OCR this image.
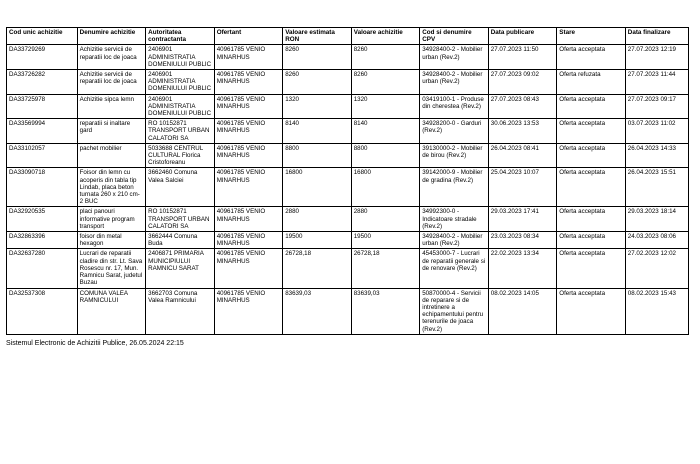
Cod unic achizitie	Denumire achizitie	Autoritatea contractanta	Ofertant	Valoare estimata RON	Valoare achizitie	Cod si denumire CPV	Data publicare	Stare	Data finalizare
DA33729269	Achizitie servicii de reparatii loc de joaca	2406901 ADMINISTRATIA DOMENIULUI PUBLIC	40961785 VENIO MINARHUS	8260	8260	34928400-2 - Mobilier urban (Rev.2)	27.07.2023 11:50	Oferta acceptata	27.07.2023 12:19
DA33726282	Achizitie servicii de reparatii loc de joaca	2406901 ADMINISTRATIA DOMENIULUI PUBLIC	40961785 VENIO MINARHUS	8260	8260	34928400-2 - Mobilier urban (Rev.2)	27.07.2023 09:02	Oferta refuzata	27.07.2023 11:44
DA33725978	Achizitie sipca lemn	2406901 ADMINISTRATIA DOMENIULUI PUBLIC	40961785 VENIO MINARHUS	1320	1320	03419100-1 - Produse din cherestea (Rev.2)	27.07.2023 08:43	Oferta acceptata	27.07.2023 09:17
DA33569994	reparatii si inaltare gard	RO 10152871 TRANSPORT URBAN CALATORI SA	40961785 VENIO MINARHUS	8140	8140	34928200-0 - Garduri (Rev.2)	30.06.2023 13:53	Oferta acceptata	03.07.2023 11:02
DA33102057	pachet mobilier	5033688 CENTRUL CULTURAL Florica Cristoforeanu	40961785 VENIO MINARHUS	8800	8800	39130000-2 - Mobilier de birou (Rev.2)	26.04.2023 08:41	Oferta acceptata	26.04.2023 14:33
DA33090718	Foisor din lemn cu acoperis din tabla tip Lindab, placa beton turnata 260 x 210 cm-2 BUC	3662460 Comuna Valea Salciei	40961785 VENIO MINARHUS	16800	16800	39142000-9 - Mobilier de gradina (Rev.2)	25.04.2023 10:07	Oferta acceptata	26.04.2023 15:51
DA32920535	placi panouri informative program transport	RO 10152871 TRANSPORT URBAN CALATORI SA	40961785 VENIO MINARHUS	2880	2880	34992300-0 - Indicatoare stradale (Rev.2)	29.03.2023 17:41	Oferta acceptata	29.03.2023 18:14
DA32863396	foisor din metal hexagon	3662444 Comuna Buda	40961785 VENIO MINARHUS	19500	19500	34928400-2 - Mobilier urban (Rev.2)	23.03.2023 08:34	Oferta acceptata	24.03.2023 08:06
DA32637280	Lucrari de reparatii cladire din str. Lt. Sava Rosescu nr. 17, Mun. Ramnicu Sarat, judetul Buzau	2406871 PRIMARIA MUNICIPIULUI RAMNICU SARAT	40961785 VENIO MINARHUS	26728,18	26728,18	45453000-7 - Lucrari de reparatii generale si de renovare (Rev.2)	22.02.2023 13:34	Oferta acceptata	27.02.2023 12:02
DA32537308	COMUNA VALEA RAMNICULUI	3662703 Comuna Valea Ramnicului	40961785 VENIO MINARHUS	83639,03	83639,03	50870000-4 - Servicii de reparare si de intretinere a echipamentului pentru terenurile de joaca (Rev.2)	08.02.2023 14:05	Oferta acceptata	08.02.2023 15:43
Sistemul Electronic de Achizitii Publice, 26.05.2024 22:15
